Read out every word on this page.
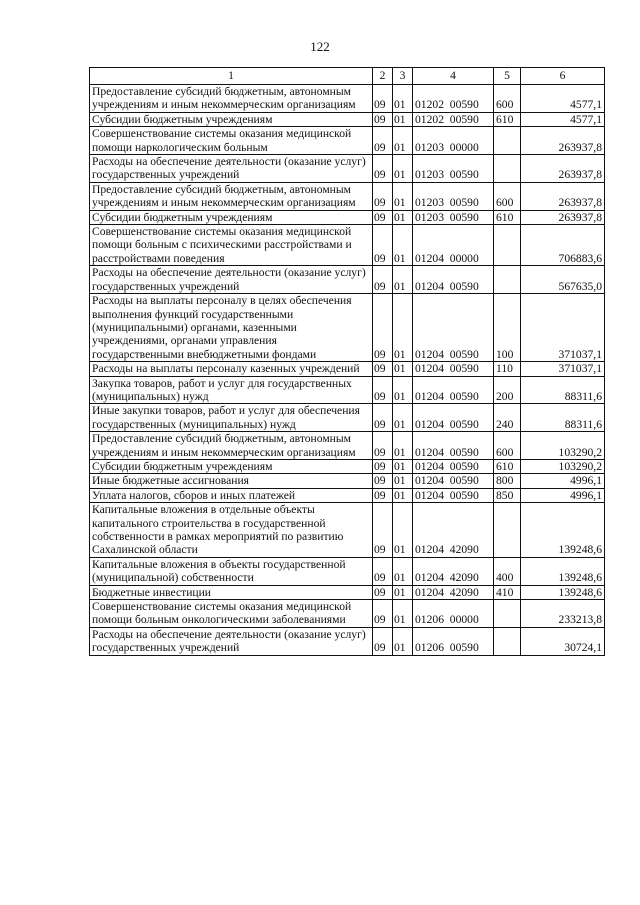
122
1	2	3	4	5	6
Предоставление субсидий бюджетным, автономным учреждениям и иным некоммерческим организациям	09	01	01202  00590	600	4577,1
Субсидии бюджетным учреждениям	09	01	01202  00590	610	4577,1
Совершенствование системы оказания медицинской помощи наркологическим больным	09	01	01203  00000		263937,8
Расходы на обеспечение деятельности (оказание услуг) государственных учреждений	09	01	01203  00590		263937,8
Предоставление субсидий бюджетным, автономным учреждениям и иным некоммерческим организациям	09	01	01203  00590	600	263937,8
Субсидии бюджетным учреждениям	09	01	01203  00590	610	263937,8
Совершенствование системы оказания медицинской помощи больным с психическими расстройствами и расстройствами поведения	09	01	01204  00000		706883,6
Расходы на обеспечение деятельности (оказание услуг) государственных учреждений	09	01	01204  00590		567635,0
Расходы на выплаты персоналу в целях обеспечения выполнения функций государственными (муниципальными) органами, казенными учреждениями, органами управления государственными внебюджетными фондами	09	01	01204  00590	100	371037,1
Расходы на выплаты персоналу казенных учреждений	09	01	01204  00590	110	371037,1
Закупка товаров, работ и услуг для государственных (муниципальных) нужд	09	01	01204  00590	200	88311,6
Иные закупки товаров, работ и услуг для обеспечения государственных (муниципальных) нужд	09	01	01204  00590	240	88311,6
Предоставление субсидий бюджетным, автономным учреждениям и иным некоммерческим организациям	09	01	01204  00590	600	103290,2
Субсидии бюджетным учреждениям	09	01	01204  00590	610	103290,2
Иные бюджетные ассигнования	09	01	01204  00590	800	4996,1
Уплата налогов, сборов и иных платежей	09	01	01204  00590	850	4996,1
Капитальные вложения в отдельные объекты капитального строительства в государственной собственности в рамках мероприятий по развитию Сахалинской области	09	01	01204  42090		139248,6
Капитальные вложения в объекты государственной (муниципальной) собственности	09	01	01204  42090	400	139248,6
Бюджетные инвестиции	09	01	01204  42090	410	139248,6
Совершенствование системы оказания медицинской помощи больным онкологическими заболеваниями	09	01	01206  00000		233213,8
Расходы на обеспечение деятельности (оказание услуг) государственных учреждений	09	01	01206  00590		30724,1
